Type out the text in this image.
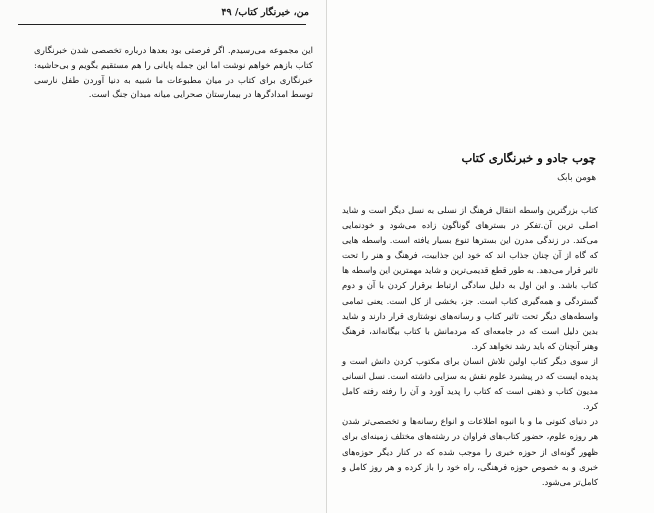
من، خبرنگار کتاب/ ۴۹

این مجموعه می‌رسیدم. اگر فرصتی بود بعدها درباره تخصصی شدن خبرنگاری کتاب بازهم خواهم نوشت اما این جمله پایانی را هم مستقیم بگویم و بی‌حاشیه: خبرنگاری برای کتاب در میان مطبوعات ما شبیه به دنیا آوردن طفل نارسی توسط امدادگرها در بیمارستان صحرایی میانه میدان جنگ است.

چوب جادو و خبرنگاری کتاب
هومن بابک

کتاب بزرگترین واسطه انتقال فرهنگ از نسلی به نسل دیگر است و شاید اصلی ترین آن.تفکر در بسترهای گوناگون زاده می‌شود و خودنمایی می‌کند. در زندگی مدرن این بسترها تنوع بسیار یافته است. واسطه هایی که گاه از آن چنان جذاب اند که خود این جذابیت، فرهنگ و هنر را تحت تاثیر قرار می‌دهد. به طور قطع قدیمی‌ترین و شاید مهمترین این واسطه ها کتاب باشد. و این اول به دلیل سادگی ارتباط برقرار کردن با آن و دوم گستردگی و همه‌گیری کتاب است. جز، بخشی از کل است. یعنی تمامی واسطه‌های دیگر تحت تاثیر کتاب و رسانه‌های نوشتاری قرار دارند و شاید بدین دلیل است که در جامعه‌ای که مردمانش با کتاب بیگانه‌اند، فرهنگ وهنر آنچنان که باید رشد نخواهد کرد.

از سوی دیگر کتاب اولین تلاش انسان برای مکتوب کردن دانش است و پدیده ایست که در پیشبرد علوم نقش به سزایی داشته است. نسل انسانی مدیون کتاب و ذهنی است که کتاب را پدید آورد و آن را رفته رفته کامل کرد.

در دنیای کنونی ما و با انبوه اطلاعات و انواع رسانه‌ها و تخصصی‌تر شدن هر روزه علوم، حضور کتاب‌های فراوان در رشته‌های مختلف زمینه‌ای برای ظهور گونه‌ای از حوزه خبری را موجب شده که در کنار دیگر حوزه‌های خبری و به خصوص حوزه فرهنگی، راه خود را باز کرده و هر روز کامل و کامل‌تر می‌شود.
